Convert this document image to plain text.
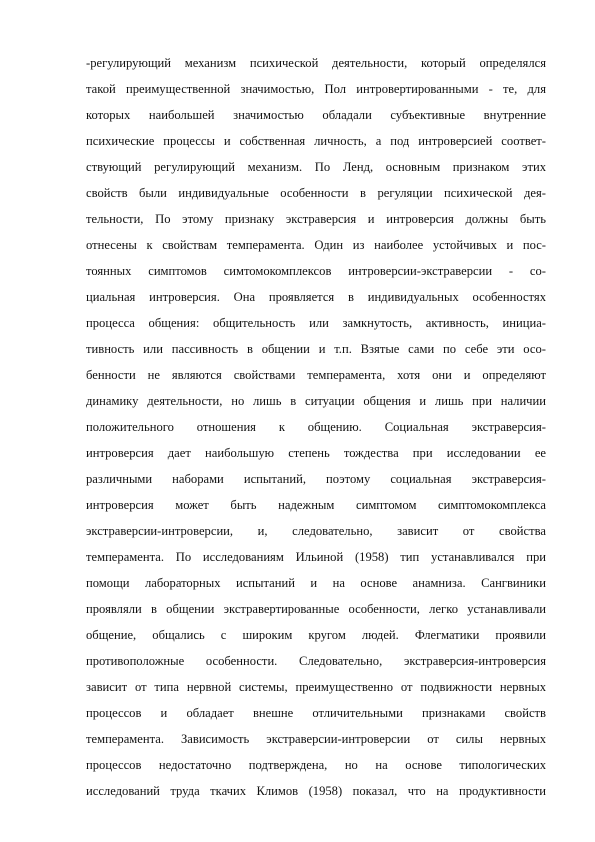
-регулирующий механизм психической деятельности, который определялся
такой преимущественной значимостью, Пол интровертированными - те, для
которых наибольшей значимостью обладали субъективные внутренние
психические процессы и собственная личность, а под интроверсией соответ-
ствующий регулирующий механизм. По Ленд, основным признаком этих
свойств были индивидуальные особенности в регуляции психической дея-
тельности, По этому признаку экстраверсия и интроверсия должны быть
отнесены к свойствам темперамента. Один из наиболее устойчивых и пос-
тоянных симптомов симтомокомплексов интроверсии-экстраверсии - со-
циальная интроверсия. Она проявляется в индивидуальных особенностях
процесса общения: общительность или замкнутость, активность, инициа-
тивность или пассивность в общении и т.п. Взятые сами по себе эти осо-
бенности не являются свойствами темперамента, хотя они и определяют
динамику деятельности, но лишь в ситуации общения и лишь при наличии
положительного отношения к общению. Социальная экстраверсия-
интроверсия дает наибольшую степень тождества при исследовании ее
различными наборами испытаний, поэтому социальная экстраверсия-
интроверсия может быть надежным симптомом симптомокомплекса
экстраверсии-интроверсии, и, следовательно, зависит от свойства
темперамента. По исследованиям Ильиной (1958) тип устанавливался при
помощи лабораторных испытаний и на основе анамниза. Сангвиники
проявляли в общении экстравертированные особенности, легко устанавливали
общение, общались с широким кругом людей. Флегматики проявили
противоположные особенности. Следовательно, экстраверсия-интроверсия
зависит от типа нервной системы, преимущественно от подвижности нервных
процессов и обладает внешне отличительными признаками свойств
темперамента. Зависимость экстраверсии-интроверсии от силы нервных
процессов недостаточно подтверждена, но на основе типологических
исследований труда ткачих Климов (1958) показал, что на продуктивности
